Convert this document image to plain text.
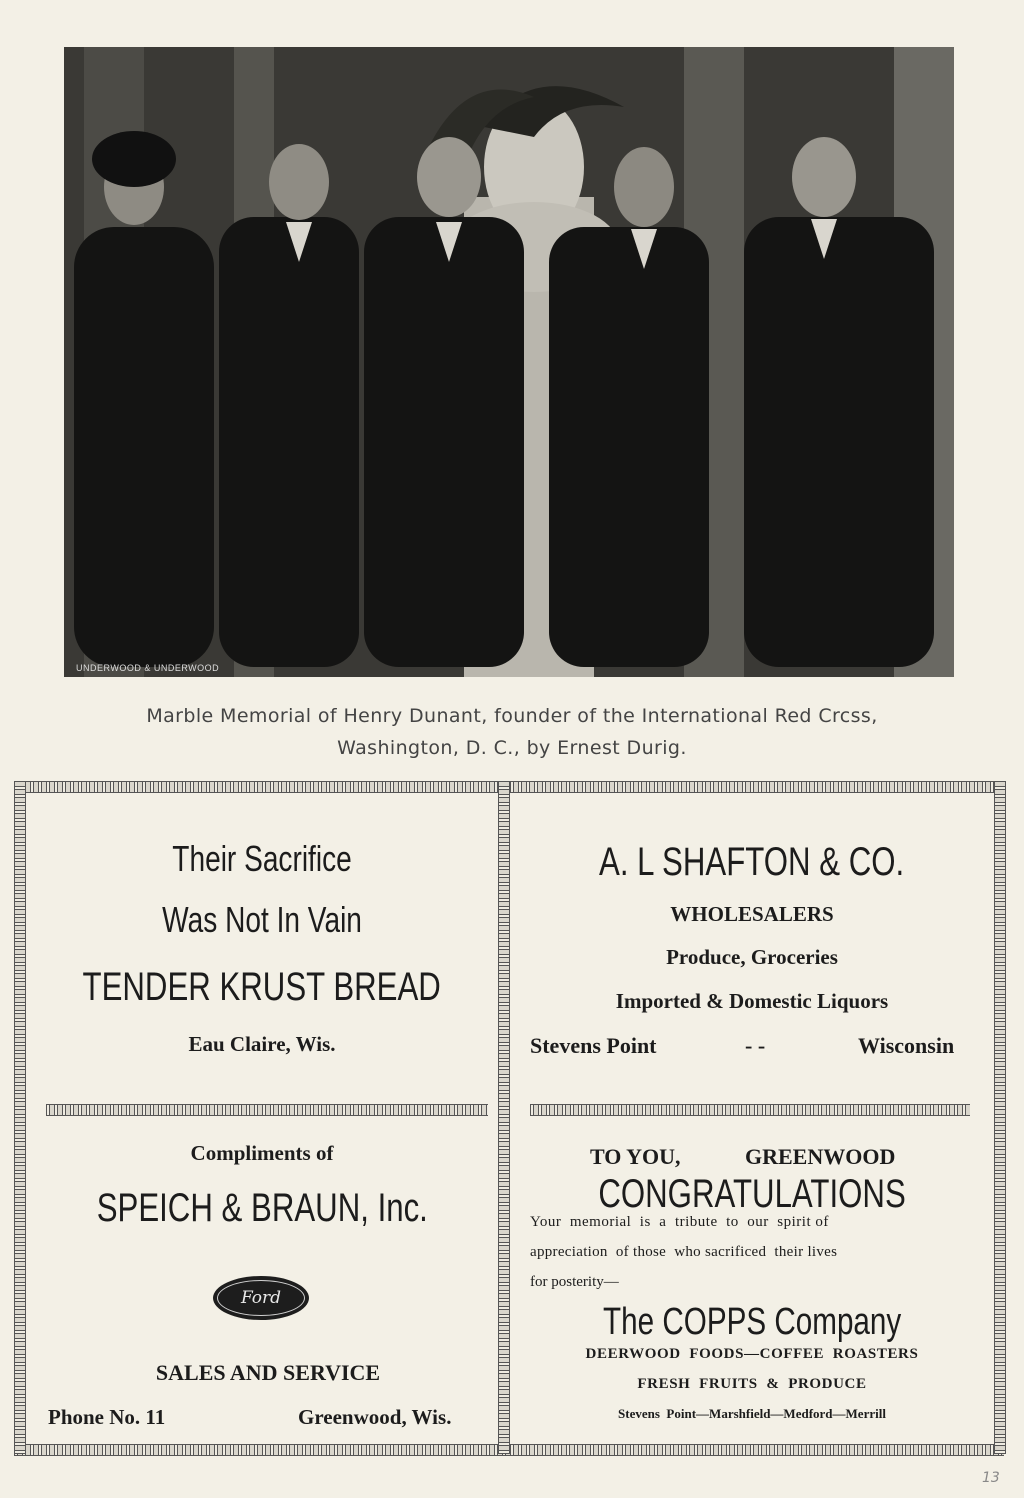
UNDERWOOD & UNDERWOOD
Marble Memorial of Henry Dunant, founder of the International Red Crcss,
Washington, D. C., by Ernest Durig.
Their Sacrifice
Was Not In Vain
TENDER KRUST BREAD
Eau Claire, Wis.
A. L SHAFTON & CO.
WHOLESALERS
Produce, Groceries
Imported & Domestic Liquors
Stevens Point	- -	Wisconsin
Compliments of
SPEICH & BRAUN, Inc.
Ford
SALES AND SERVICE
Phone No. 11	Greenwood, Wis.
TO YOU,	GREENWOOD
CONGRATULATIONS
Your  memorial  is  a  tribute  to  our  spirit of
appreciation  of those  who sacrificed  their lives
for posterity—
The COPPS Company
DEERWOOD  FOODS—COFFEE  ROASTERS
FRESH  FRUITS  &  PRODUCE
Stevens  Point—Marshfield—Medford—Merrill
13
